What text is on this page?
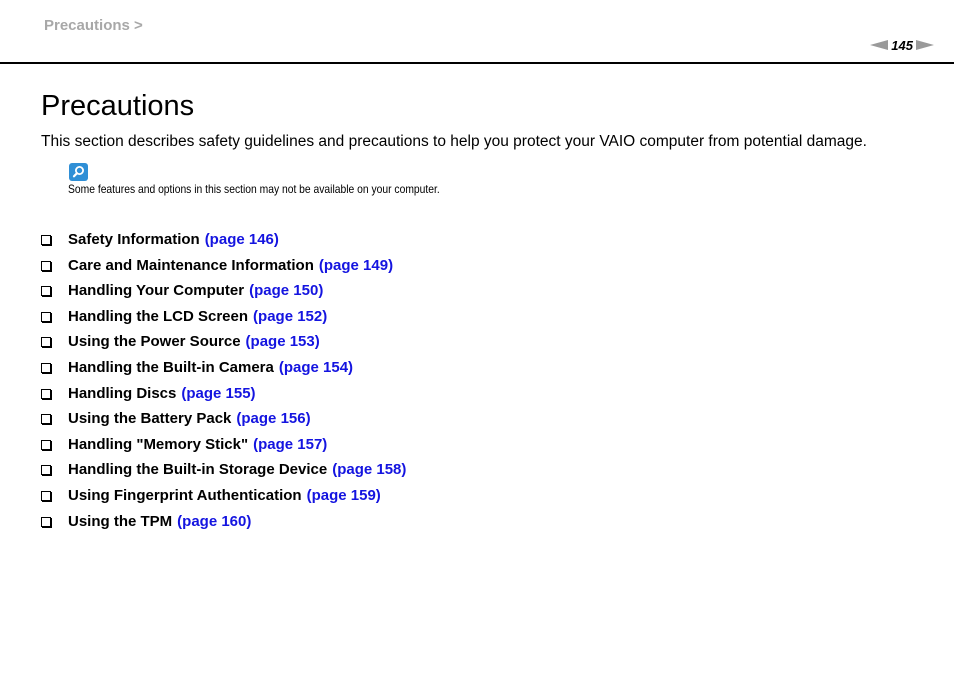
Precautions >
145
Precautions
This section describes safety guidelines and precautions to help you protect your VAIO computer from potential damage.
Some features and options in this section may not be available on your computer.
Safety Information (page 146)
Care and Maintenance Information (page 149)
Handling Your Computer (page 150)
Handling the LCD Screen (page 152)
Using the Power Source (page 153)
Handling the Built-in Camera (page 154)
Handling Discs (page 155)
Using the Battery Pack (page 156)
Handling "Memory Stick" (page 157)
Handling the Built-in Storage Device (page 158)
Using Fingerprint Authentication (page 159)
Using the TPM (page 160)
